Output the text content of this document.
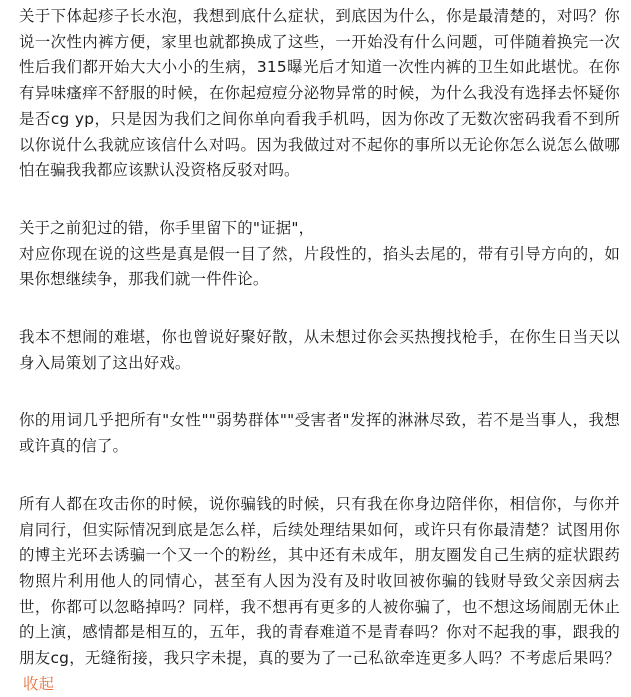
关于下体起疹子长水泡，我想到底什么症状，到底因为什么，你是最清楚的，对吗？你说一次性内裤方便，家里也就都换成了这些，一开始没有什么问题，可伴随着换完一次性后我们都开始大大小小的生病，315曝光后才知道一次性内裤的卫生如此堪忧。在你有异味瘙痒不舒服的时候，在你起痘痘分泌物异常的时候，为什么我没有选择去怀疑你是否cg yp，只是因为我们之间你单向看我手机吗，因为你改了无数次密码我看不到所以你说什么我就应该信什么对吗。因为我做过对不起你的事所以无论你怎么说怎么做哪怕在骗我我都应该默认没资格反驳对吗。

关于之前犯过的错，你手里留下的"证据"，
对应你现在说的这些是真是假一目了然，片段性的，掐头去尾的，带有引导方向的，如果你想继续争，那我们就一件件论。

我本不想闹的难堪，你也曾说好聚好散，从未想过你会买热搜找枪手，在你生日当天以身入局策划了这出好戏。

你的用词几乎把所有"女性""弱势群体""受害者"发挥的淋淋尽致，若不是当事人，我想或许真的信了。

所有人都在攻击你的时候，说你骗钱的时候，只有我在你身边陪伴你，相信你，与你并肩同行，但实际情况到底是怎么样，后续处理结果如何，或许只有你最清楚？试图用你的博主光环去诱骗一个又一个的粉丝，其中还有未成年，朋友圈发自己生病的症状跟药物照片利用他人的同情心，甚至有人因为没有及时收回被你骗的钱财导致父亲因病去世，你都可以忽略掉吗？同样，我不想再有更多的人被你骗了，也不想这场闹剧无休止的上演，感情都是相互的，五年，我的青春难道不是青春吗？你对不起我的事，跟我的朋友cg，无缝衔接，我只字未提，真的要为了一己私欲牵连更多人吗？不考虑后果吗？收起
